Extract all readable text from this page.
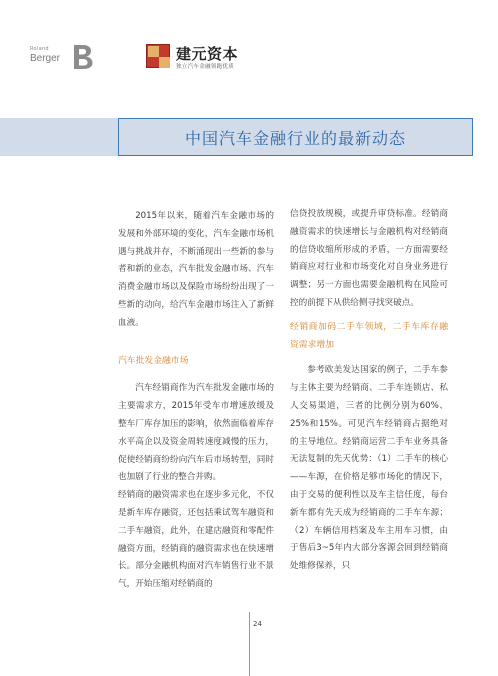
Roland
Berger	建元资本
独立汽车金融领跑优质
中国汽车金融行业的最新动态

2015年以来，随着汽车金融市场的发展和外部环境的变化，汽车金融市场机遇与挑战并存，不断涌现出一些新的参与者和新的业态，汽车批发金融市场、汽车消费金融市场以及保险市场纷纷出现了一些新的动向，给汽车金融市场注入了新鲜血液。

汽车批发金融市场

汽车经销商作为汽车批发金融市场的主要需求方，2015年受车市增速放缓及整车厂库存加压的影响，依然面临着库存水平高企以及资金周转速度减慢的压力，促使经销商纷纷向汽车后市场转型，同时也加剧了行业的整合并购。

经销商的融资需求也在逐步多元化，不仅是新车库存融资，还包括乘试驾车融资和二手车融资，此外，在建店融资和零配件融资方面，经销商的融资需求也在快速增长。部分金融机构面对汽车销售行业不景气，开始压缩对经销商的

信贷投放规模，或提升审贷标准。经销商融资需求的快速增长与金融机构对经销商的信贷收缩所形成的矛盾，一方面需要经销商应对行业和市场变化对自身业务进行调整；另一方面也需要金融机构在风险可控的前提下从供给侧寻找突破点。

经销商加码二手车领域，二手车库存融资需求增加

参考欧美发达国家的例子，二手车参与主体主要为经销商、二手车连锁店、私人交易渠道，三者的比例分别为60%、25%和15%。可见汽车经销商占据绝对的主导地位。经销商运营二手车业务具备无法复制的先天优势：（1）二手车的核心——车源，在价格足够市场化的情况下，由于交易的便利性以及车主信任度，每台新车都有先天成为经销商的二手车车源；（2）车辆信用档案及车主用车习惯，由于售后3~5年内大部分客源会回到经销商处维修保养，只

24
